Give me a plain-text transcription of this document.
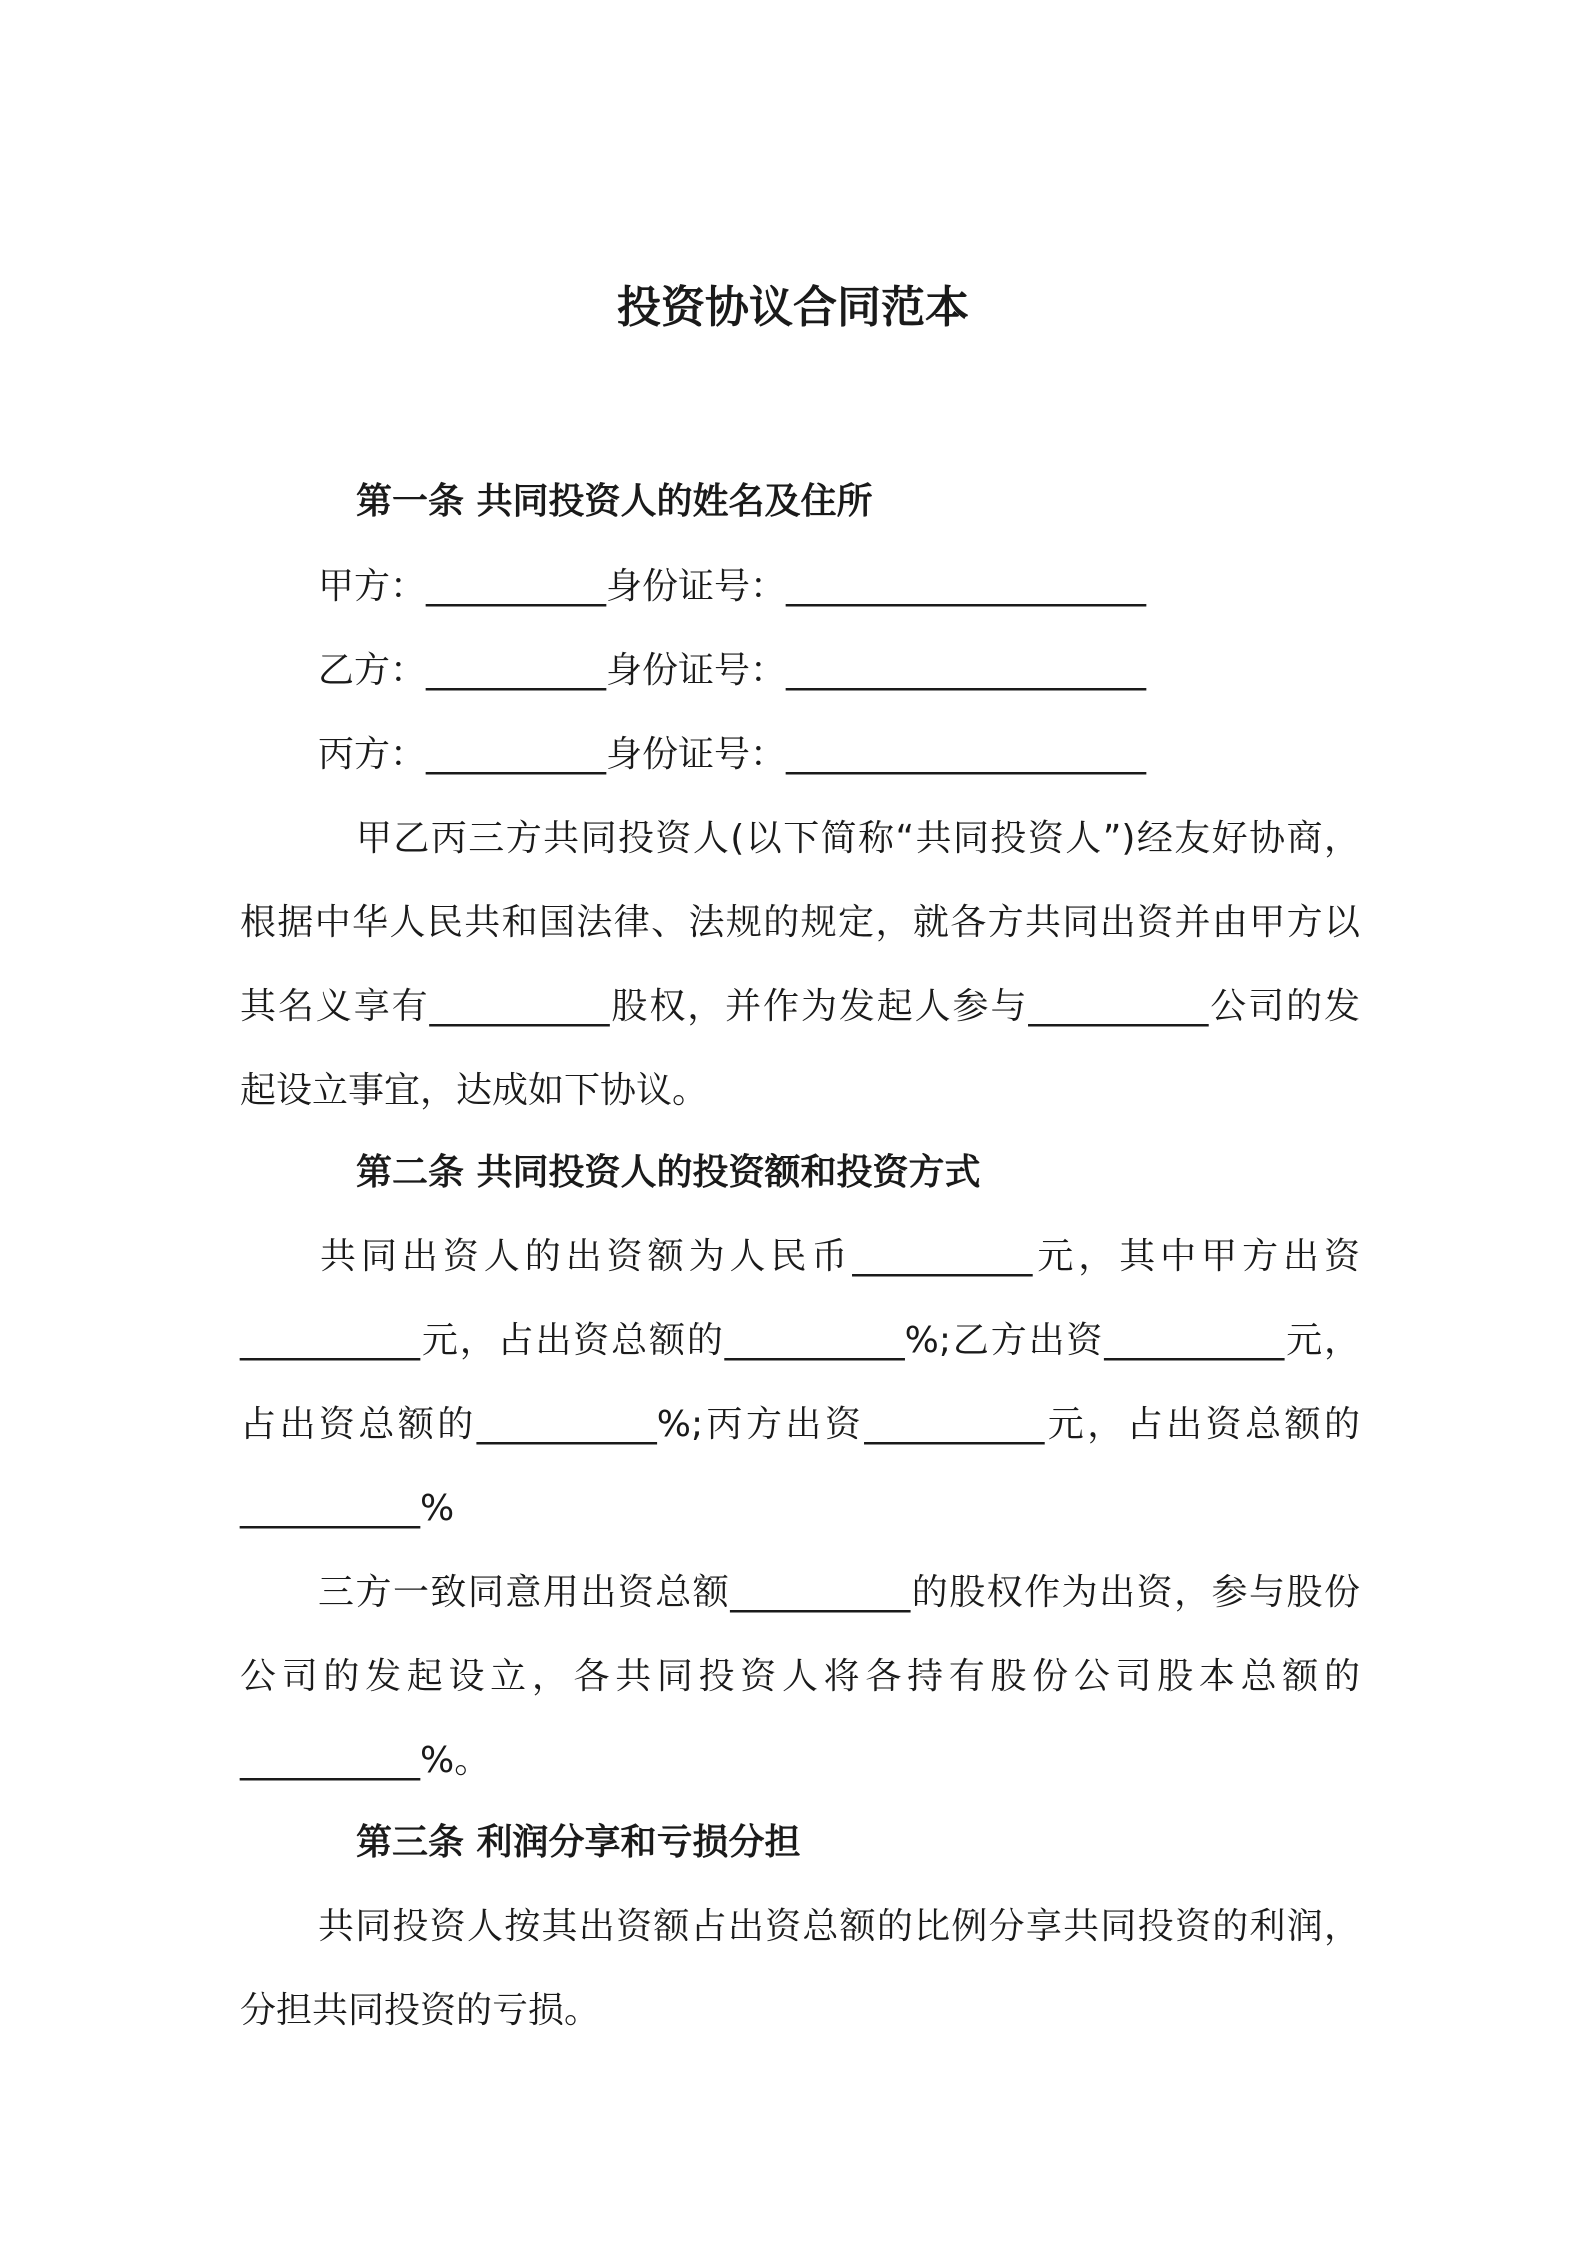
投资协议合同范本
第一条 共同投资人的姓名及住所
甲方：__________身份证号：____________________
乙方：__________身份证号：____________________
丙方：__________身份证号：____________________
甲乙丙三方共同投资人(以下简称“共同投资人”)经友好协商，
根据中华人民共和国法律、法规的规定，就各方共同出资并由甲方以
其名义享有__________股权，并作为发起人参与__________公司的发
起设立事宜，达成如下协议。
第二条 共同投资人的投资额和投资方式
共同出资人的出资额为人民币__________元，其中甲方出资
__________元，占出资总额的__________%;乙方出资__________元，
占出资总额的__________%;丙方出资__________元，占出资总额的
__________%
三方一致同意用出资总额__________的股权作为出资，参与股份
公司的发起设立，各共同投资人将各持有股份公司股本总额的
__________%。
第三条 利润分享和亏损分担
共同投资人按其出资额占出资总额的比例分享共同投资的利润，
分担共同投资的亏损。
